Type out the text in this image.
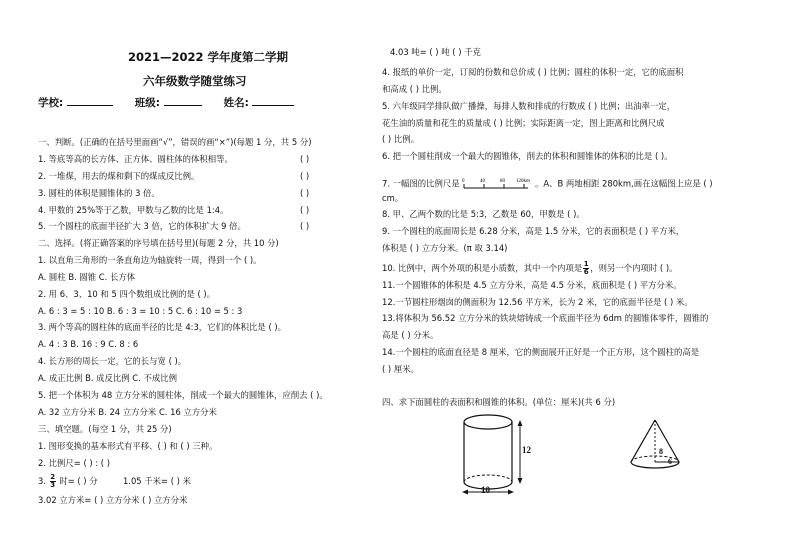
2021—2022 学年度第二学期
六年级数学随堂练习
学校:	班级:	姓名:
一、判断。(正确的在括号里面画“√”，错误的画“×”)(每题 1 分，共 5 分)
1. 等底等高的长方体、正方体、圆柱体的体积相等。	( )
2. 一堆煤，用去的煤和剩下的煤成反比例。	( )
3. 圆柱的体积是圆锥体的 3 倍。	( )
4. 甲数的 25%等于乙数，甲数与乙数的比是 1:4。	( )
5. 一个圆柱的底面半径扩大 3 倍，它的体积扩大 9 倍。	( )
二、选择。(将正确答案的序号填在括号里)(每题 2 分，共 10 分)
1. 以直角三角形的一条直角边为轴旋转一周，得到一个 ( )。
A. 圆柱 B. 圆锥 C. 长方体
2. 用 6、3、10 和 5 四个数组成比例的是 ( )。
A. 6 : 3 = 5 : 10 B. 6 : 3 = 10 : 5 C. 6 : 10 = 5 : 3
3. 两个等高的圆柱体的底面半径的比是 4:3，它们的体积比是 ( )。
A. 4 : 3 B. 16 : 9 C. 8 : 6
4. 长方形的周长一定，它的长与宽 ( )。
A. 成正比例 B. 成反比例 C. 不成比例
5. 把一个体积为 48 立方分米的圆柱体，削成一个最大的圆锥体，应削去 ( )。
A. 32 立方分米 B. 24 立方分米 C. 16 立方分米
三、填空题。(每空 1 分，共 25 分)
1. 图形变换的基本形式有平移、( ) 和 ( ) 三种。
2. 比例尺= ( ) : ( )
3. $\frac{2}{3}$ 时= ( ) 分	1.05 千米= ( ) 米
3.02 立方米= ( ) 立方分米 ( ) 立方分米
4.03 吨= ( ) 吨 ( ) 千克
4. 报纸的单价一定，订阅的份数和总价成 ( ) 比例；圆柱的体积一定，它的底面积
和高成 ( ) 比例。
5. 六年级同学排队做广播操，每排人数和排成的行数成 ( ) 比例；出油率一定，
花生油的质量和花生的质量成 ( ) 比例；实际距离一定，图上距离和比例尺成
( ) 比例。
6. 把一个圆柱削成一个最大的圆锥体，削去的体积和圆锥体的体积的比是 ( )。
7. 一幅图的比例尺是 0	40	80 120km 。A、B 两地相距 280km,画在这幅图上应是 ( )
cm。
8. 甲、乙两个数的比是 5:3，乙数是 60，甲数是 ( )。
9. 一个圆柱的底面周长是 6.28 分米，高是 1.5 分米，它的表面积是 ( ) 平方米，
体积是 ( ) 立方分米。(π 取 3.14)
10. 比例中，两个外项的积是小质数，其中一个内项是 $\frac{1}{6}$ ，则另一个内项时 ( )。
11.一个圆锥体的体积是 4.5 立方分米，高是 4.5 分米，底面积是 ( ) 平方分米。
12.一节圆柱形烟囱的侧面积为 12.56 平方米，长为 2 米，它的底面半径是 ( ) 米。
13.将体积为 56.52 立方分米的铁块熔铸成一个底面半径为 6dm 的圆锥体零件，圆锥的
高是 ( ) 分米。
14.一个圆柱的底面直径是 8 厘米，它的侧面展开正好是一个正方形，这个圆柱的高是
( ) 厘米。
四、求下面圆柱的表面积和圆锥的体积。(单位：厘米)(共 6 分)
12
10
8
6
